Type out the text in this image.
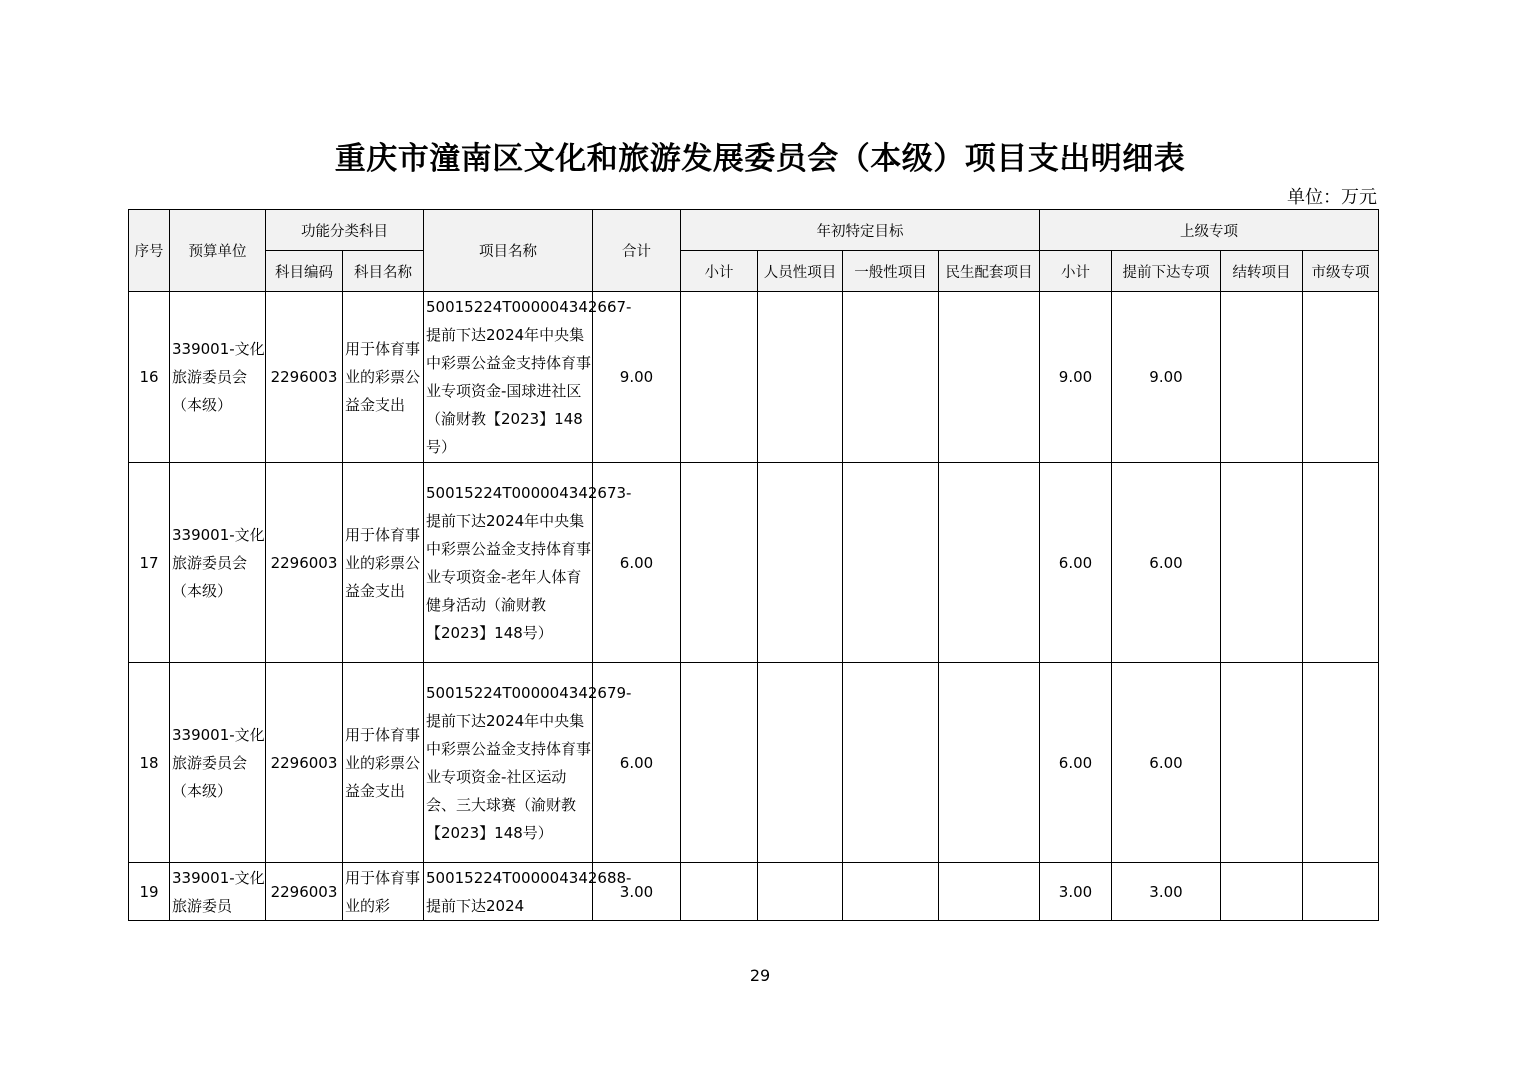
重庆市潼南区文化和旅游发展委员会（本级）项目支出明细表
单位：万元
序号	预算单位	功能分类科目		项目名称	合计	年初特定目标				上级专项			
		科目编码	科目名称			小计	人员性项目	一般性项目	民生配套项目	小计	提前下达专项	结转项目	市级专项
16	339001-文化旅游委员会（本级）	2296003	用于体育事业的彩票公益金支出	50015224T000004342667-提前下达2024年中央集中彩票公益金支持体育事业专项资金-国球进社区（渝财教【2023】148号）	9.00					9.00	9.00		
17	339001-文化旅游委员会（本级）	2296003	用于体育事业的彩票公益金支出	50015224T000004342673-提前下达2024年中央集中彩票公益金支持体育事业专项资金-老年人体育健身活动（渝财教【2023】148号）	6.00					6.00	6.00		
18	339001-文化旅游委员会（本级）	2296003	用于体育事业的彩票公益金支出	50015224T000004342679-提前下达2024年中央集中彩票公益金支持体育事业专项资金-社区运动会、三大球赛（渝财教【2023】148号）	6.00					6.00	6.00		
19	339001-文化旅游委员	2296003	用于体育事业的彩	50015224T000004342688-提前下达2024	3.00					3.00	3.00		
29
